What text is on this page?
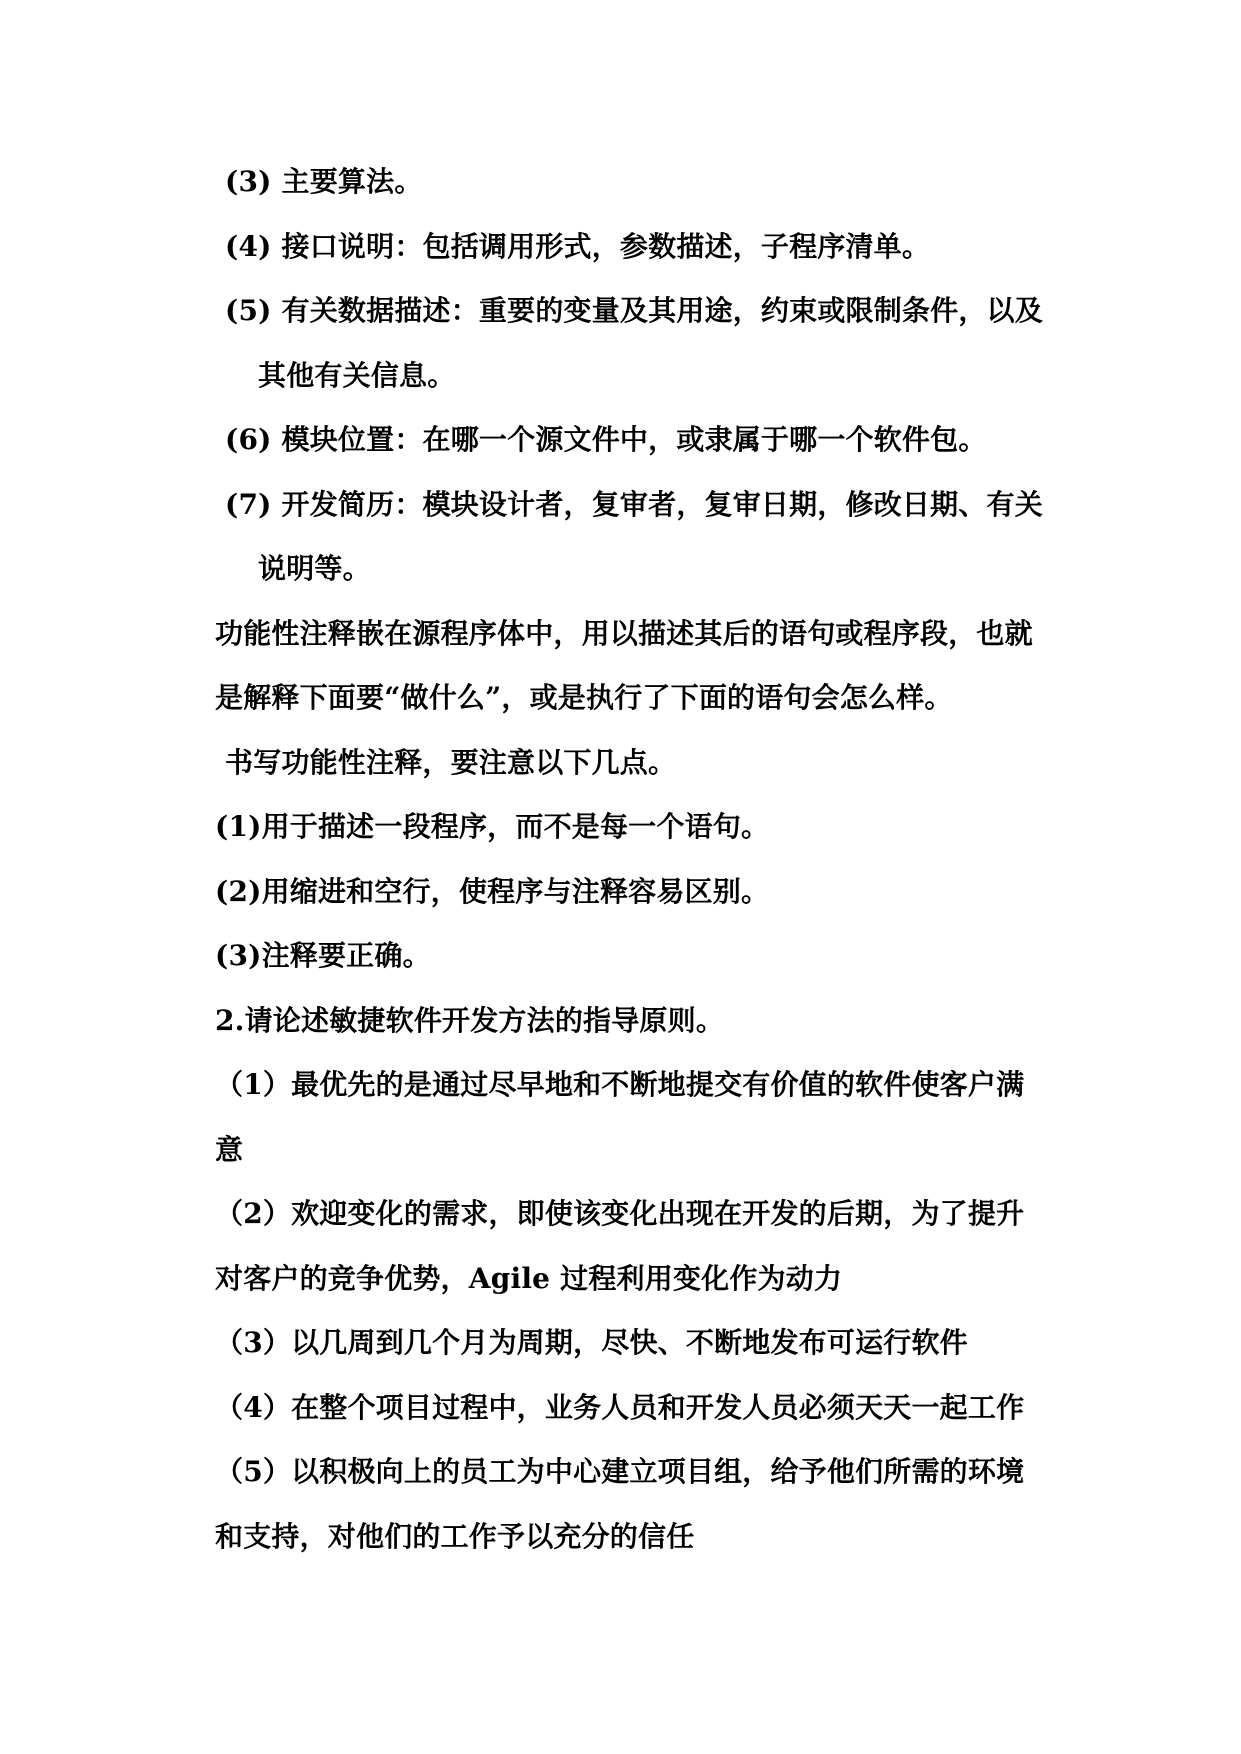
(3) 主要算法。
(4) 接口说明：包括调用形式，参数描述，子程序清单。
(5) 有关数据描述：重要的变量及其用途，约束或限制条件，以及
其他有关信息。
(6) 模块位置：在哪一个源文件中，或隶属于哪一个软件包。
(7) 开发简历：模块设计者，复审者，复审日期，修改日期、有关
说明等。
功能性注释嵌在源程序体中，用以描述其后的语句或程序段，也就
是解释下面要“做什么”，或是执行了下面的语句会怎么样。
书写功能性注释，要注意以下几点。
(1)用于描述一段程序，而不是每一个语句。
(2)用缩进和空行，使程序与注释容易区别。
(3)注释要正确。
2.请论述敏捷软件开发方法的指导原则。
（1）最优先的是通过尽早地和不断地提交有价值的软件使客户满
意
（2）欢迎变化的需求，即使该变化出现在开发的后期，为了提升
对客户的竞争优势，Agile 过程利用变化作为动力
（3）以几周到几个月为周期，尽快、不断地发布可运行软件
（4）在整个项目过程中，业务人员和开发人员必须天天一起工作
（5）以积极向上的员工为中心建立项目组，给予他们所需的环境
和支持，对他们的工作予以充分的信任
